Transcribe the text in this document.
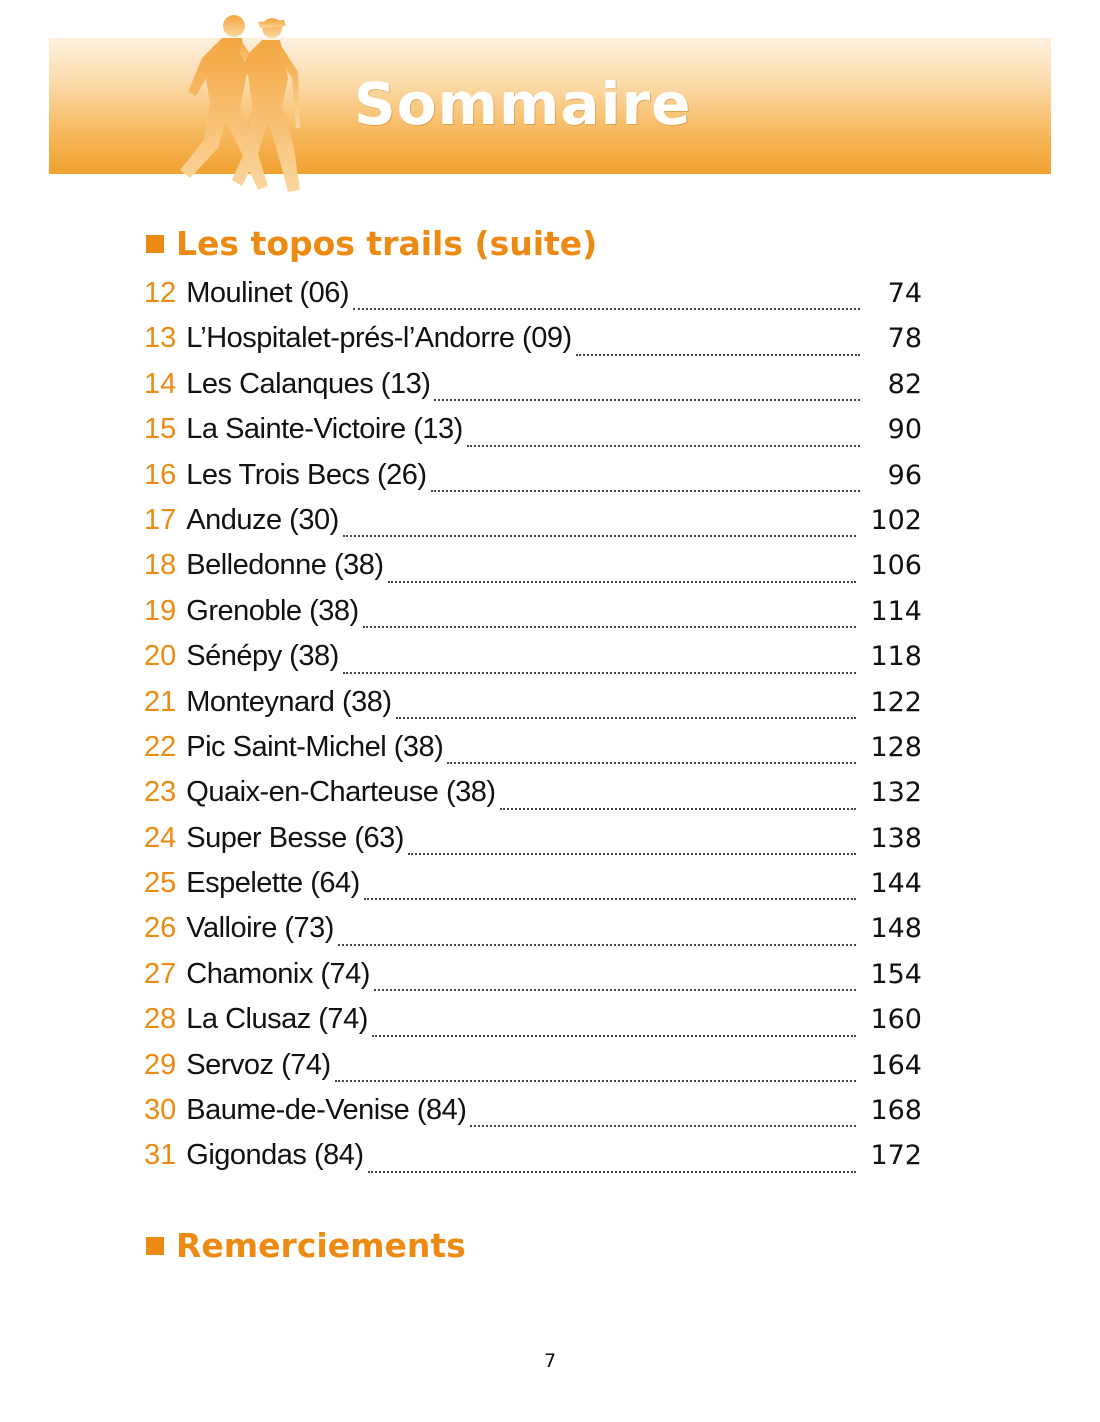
Sommaire
Les topos trails (suite)
12 Moulinet (06)	74
13 L’Hospitalet-prés-l’Andorre (09)	78
14 Les Calanques (13)	82
15 La Sainte-Victoire (13)	90
16 Les Trois Becs (26)	96
17 Anduze (30)	102
18 Belledonne (38)	106
19 Grenoble (38)	114
20 Sénépy (38)	118
21 Monteynard (38)	122
22 Pic Saint-Michel (38)	128
23 Quaix-en-Charteuse (38)	132
24 Super Besse (63)	138
25 Espelette (64)	144
26 Valloire (73)	148
27 Chamonix (74)	154
28 La Clusaz (74)	160
29 Servoz (74)	164
30 Baume-de-Venise (84)	168
31 Gigondas (84)	172
Remerciements
7
